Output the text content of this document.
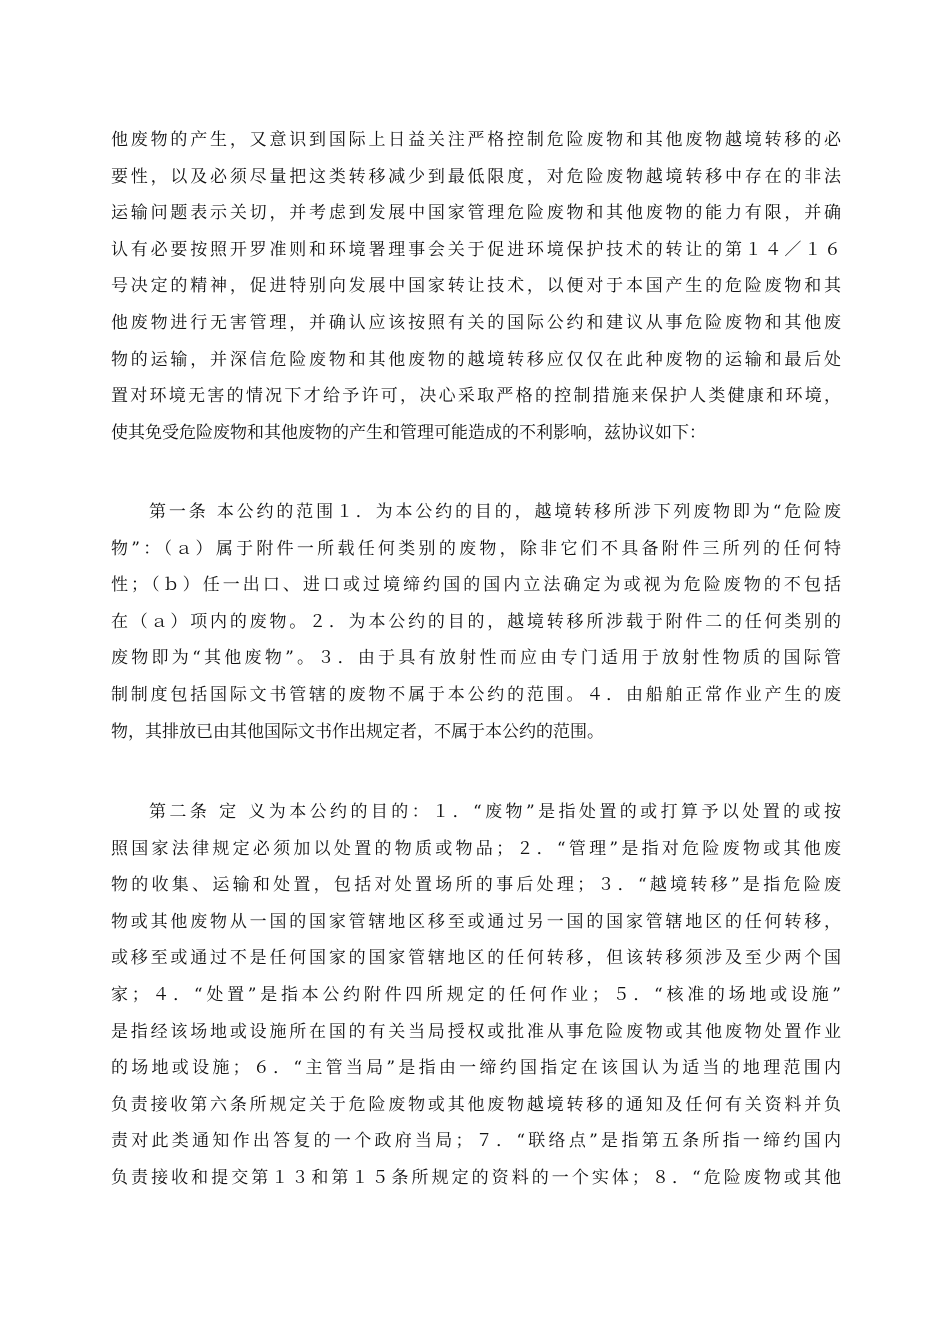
他废物的产生，又意识到国际上日益关注严格控制危险废物和其他废物越境转移的必
要性，以及必须尽量把这类转移减少到最低限度，对危险废物越境转移中存在的非法
运输问题表示关切，并考虑到发展中国家管理危险废物和其他废物的能力有限，并确
认有必要按照开罗准则和环境署理事会关于促进环境保护技术的转让的第１４／１６
号决定的精神，促进特别向发展中国家转让技术，以便对于本国产生的危险废物和其
他废物进行无害管理，并确认应该按照有关的国际公约和建议从事危险废物和其他废
物的运输，并深信危险废物和其他废物的越境转移应仅仅在此种废物的运输和最后处
置对环境无害的情况下才给予许可，决心采取严格的控制措施来保护人类健康和环境，
使其免受危险废物和其他废物的产生和管理可能造成的不利影响，兹协议如下：
第一条 本公约的范围１．为本公约的目的，越境转移所涉下列废物即为“危险废
物”：（ａ）属于附件一所载任何类别的废物，除非它们不具备附件三所列的任何特
性；（ｂ）任一出口、进口或过境缔约国的国内立法确定为或视为危险废物的不包括
在（ａ）项内的废物。２．为本公约的目的，越境转移所涉载于附件二的任何类别的
废物即为“其他废物”。３．由于具有放射性而应由专门适用于放射性物质的国际管
制制度包括国际文书管辖的废物不属于本公约的范围。４．由船舶正常作业产生的废
物，其排放已由其他国际文书作出规定者，不属于本公约的范围。
第二条 定 义为本公约的目的：１．“废物”是指处置的或打算予以处置的或按
照国家法律规定必须加以处置的物质或物品；２．“管理”是指对危险废物或其他废
物的收集、运输和处置，包括对处置场所的事后处理；３．“越境转移”是指危险废
物或其他废物从一国的国家管辖地区移至或通过另一国的国家管辖地区的任何转移，
或移至或通过不是任何国家的国家管辖地区的任何转移，但该转移须涉及至少两个国
家；４．“处置”是指本公约附件四所规定的任何作业；５．“核准的场地或设施”
是指经该场地或设施所在国的有关当局授权或批准从事危险废物或其他废物处置作业
的场地或设施；６．“主管当局”是指由一缔约国指定在该国认为适当的地理范围内
负责接收第六条所规定关于危险废物或其他废物越境转移的通知及任何有关资料并负
责对此类通知作出答复的一个政府当局；７．“联络点”是指第五条所指一缔约国内
负责接收和提交第１３和第１５条所规定的资料的一个实体；８．“危险废物或其他
